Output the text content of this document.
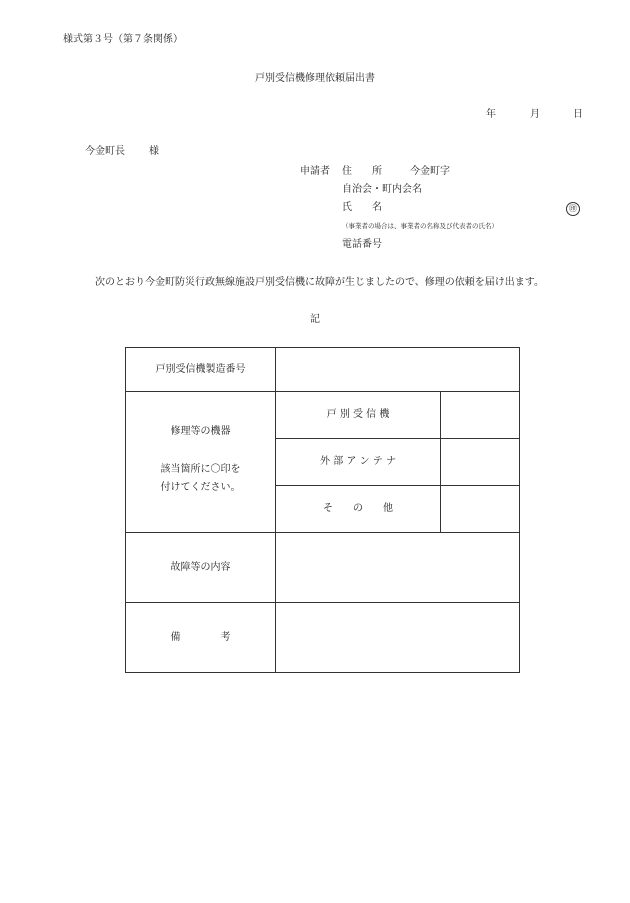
様式第３号（第７条関係）
戸別受信機修理依頼届出書
年	月	日
今金町長 様
申請者 住　　所	今金町字
自治会・町内会名
氏　　名	㊞
（事業者の場合は、事業者の名称及び代表者の氏名）
電話番号
次のとおり今金町防災行政無線施設戸別受信機に故障が生じましたので、修理の依頼を届け出ます。
記
戸別受信機製造番号
修理等の機器
該当箇所に〇印を
付けてください。
戸 別 受 信 機
外 部 ア ン テ ナ
そ　　の　　他
故障等の内容
備　　　　考
